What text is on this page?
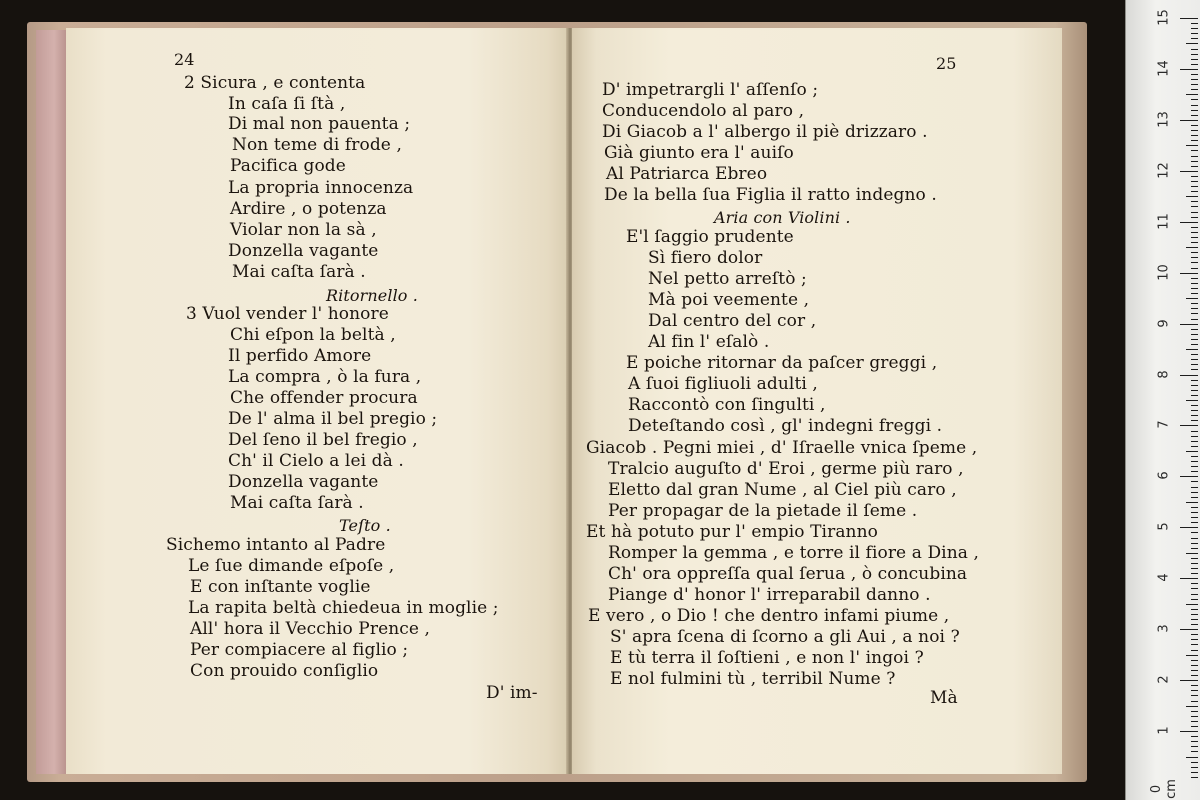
24
2 Sicura , e contenta
In caſa ſi ſtà ,
Di mal non pauenta ;
Non teme di frode ,
Pacifica gode
La propria innocenza
Ardire , o potenza
Violar non la sà ,
Donzella vagante
Mai caſta ſarà .
Ritornello .
3 Vuol vender l' honore
Chi eſpon la beltà ,
Il perfido Amore
La compra , ò la fura ,
Che offender procura
De l' alma il bel pregio ;
Del ſeno il bel fregio ,
Ch' il Cielo a lei dà .
Donzella vagante
Mai caſta ſarà .
Teſto .
Sichemo intanto al Padre
Le ſue dimande eſpoſe ,
E con inſtante voglie
La rapita beltà chiedeua in moglie ;
All' hora il Vecchio Prence ,
Per compiacere al figlio ;
Con prouido conſiglio
D' im-
25
D' impetrargli l' aſſenſo ;
Conducendolo al paro ,
Di Giacob a l' albergo il piè drizzaro .
Già giunto era l' auiſo
Al Patriarca Ebreo
De la bella ſua Figlia il ratto indegno .
Aria con Violini .
E'l ſaggio prudente
Sì fiero dolor
Nel petto arreſtò ;
Mà poi veemente ,
Dal centro del cor ,
Al fin l' eſalò .
E poiche ritornar da paſcer greggi ,
A ſuoi figliuoli adulti ,
Raccontò con ſingulti ,
Deteſtando così , gl' indegni freggi .
Giacob . Pegni miei , d' Iſraelle vnica ſpeme ,
Tralcio auguſto d' Eroi , germe più raro ,
Eletto dal gran Nume , al Ciel più caro ,
Per propagar de la pietade il ſeme .
Et hà potuto pur l' empio Tiranno
Romper la gemma , e torre il fiore a Dina ,
Ch' ora oppreſſa qual ſerua , ò concubina
Piange d' honor l' irreparabil danno .
E vero , o Dio ! che dentro infami piume ,
S' apra ſcena di ſcorno a gli Aui , a noi ?
E tù terra il ſoſtieni , e non l' ingoi ?
E nol fulmini tù , terribil Nume ?
Mà
15
14
13
12
11
10
9
8
7
6
5
4
3
2
1
0 cm
